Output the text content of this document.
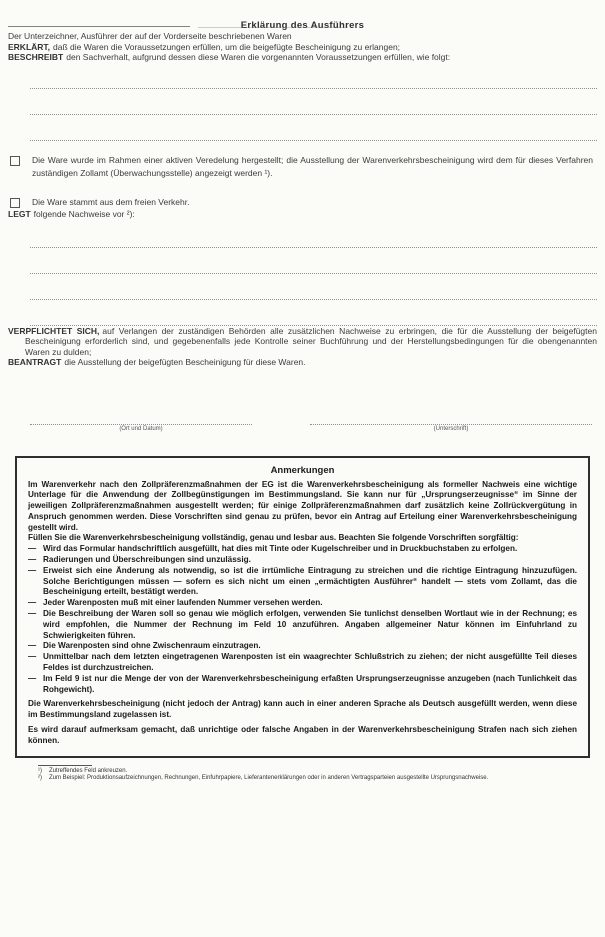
Erklärung des Ausführers

Der Unterzeichner, Ausführer der auf der Vorderseite beschriebenen Waren

ERKLÄRT, daß die Waren die Voraussetzungen erfüllen, um die beigefügte Bescheinigung zu erlangen;

BESCHREIBT den Sachverhalt, aufgrund dessen diese Waren die vorgenannten Voraussetzungen erfüllen, wie folgt:

Die Ware wurde im Rahmen einer aktiven Veredelung hergestellt; die Ausstellung der Warenverkehrsbescheinigung wird dem für dieses Verfahren zuständigen Zollamt (Überwachungsstelle) angezeigt werden ¹).
Die Ware stammt aus dem freien Verkehr.

LEGT folgende Nachweise vor ²):

VERPFLICHTET SICH, auf Verlangen der zuständigen Behörden alle zusätzlichen Nachweise zu erbringen, die für die Ausstellung der beigefügten Bescheinigung erforderlich sind, und gegebenenfalls jede Kontrolle seiner Buchführung und der Herstellungsbedingungen für die obengenannten Waren zu dulden;

BEANTRAGT die Ausstellung der beigefügten Bescheinigung für diese Waren.

(Ort und Datum)	(Unterschrift)
Anmerkungen

Im Warenverkehr nach den Zollpräferenzmaßnahmen der EG ist die Warenverkehrsbescheinigung als formeller Nachweis eine wichtige Unterlage für die Anwendung der Zollbegünstigungen im Bestimmungsland. Sie kann nur für „Ursprungserzeugnisse“ im Sinne der jeweiligen Zollpräferenzmaßnahmen ausgestellt werden; für einige Zollpräferenzmaßnahmen darf zusätzlich keine Zollrückvergütung in Anspruch genommen werden. Diese Vorschriften sind genau zu prüfen, bevor ein Antrag auf Erteilung einer Warenverkehrsbescheinigung gestellt wird.

Füllen Sie die Warenverkehrsbescheinigung vollständig, genau und lesbar aus. Beachten Sie folgende Vorschriften sorgfältig:

— Wird das Formular handschriftlich ausgefüllt, hat dies mit Tinte oder Kugelschreiber und in Druckbuchstaben zu erfolgen.

— Radierungen und Überschreibungen sind unzulässig.

— Erweist sich eine Änderung als notwendig, so ist die irrtümliche Eintragung zu streichen und die richtige Eintragung hinzuzufügen. Solche Berichtigungen müssen — sofern es sich nicht um einen „ermächtigten Ausführer“ handelt — stets vom Zollamt, das die Bescheinigung erteilt, bestätigt werden.

— Jeder Warenposten muß mit einer laufenden Nummer versehen werden.

— Die Beschreibung der Waren soll so genau wie möglich erfolgen, verwenden Sie tunlichst denselben Wortlaut wie in der Rechnung; es wird empfohlen, die Nummer der Rechnung im Feld 10 anzuführen. Angaben allgemeiner Natur können im Einfuhrland zu Schwierigkeiten führen.

— Die Warenposten sind ohne Zwischenraum einzutragen.

— Unmittelbar nach dem letzten eingetragenen Warenposten ist ein waagrechter Schlußstrich zu ziehen; der nicht ausgefüllte Teil dieses Feldes ist durchzustreichen.

— Im Feld 9 ist nur die Menge der von der Warenverkehrsbescheinigung erfaßten Ursprungserzeugnisse anzugeben (nach Tunlichkeit das Rohgewicht).

Die Warenverkehrsbescheinigung (nicht jedoch der Antrag) kann auch in einer anderen Sprache als Deutsch ausgefüllt werden, wenn diese im Bestimmungsland zugelassen ist.

Es wird darauf aufmerksam gemacht, daß unrichtige oder falsche Angaben in der Warenverkehrsbescheinigung Strafen nach sich ziehen können.

¹) Zutreffendes Feld ankreuzen.

²) Zum Beispiel: Produktionsaufzeichnungen, Rechnungen, Einfuhrpapiere, Lieferantenerklärungen oder in anderen Vertragsparteien ausgestellte Ursprungsnachweise.
